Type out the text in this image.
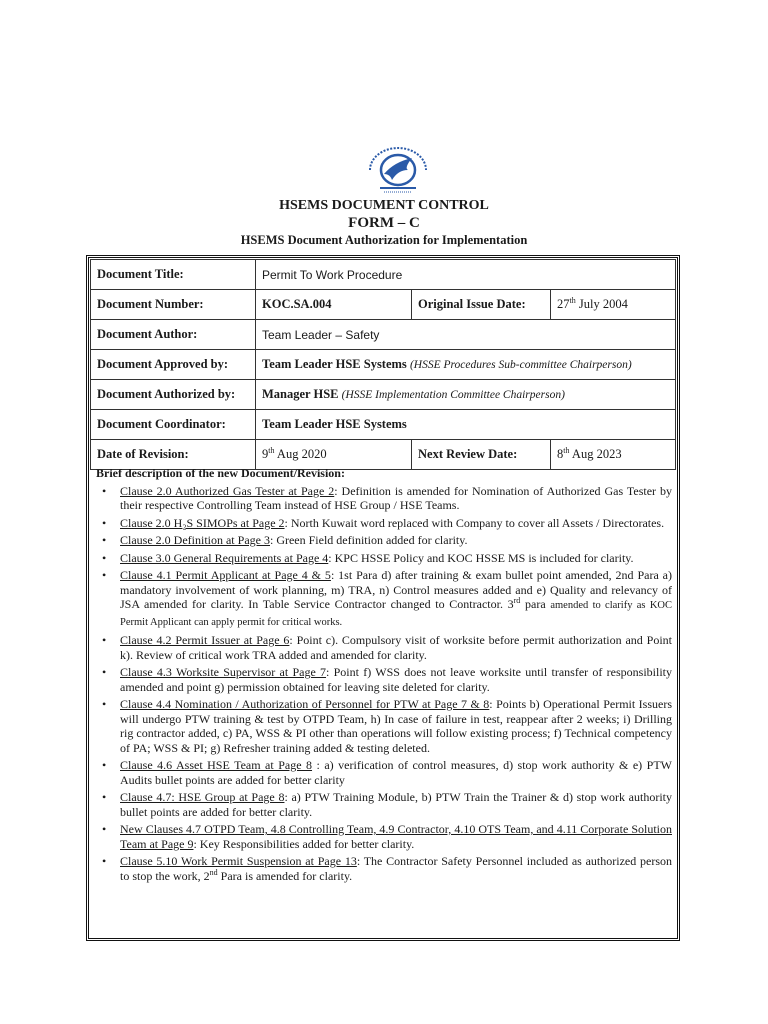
HSEMS DOCUMENT CONTROL
FORM – C
HSEMS Document Authorization for Implementation
Document Title:	Permit To Work Procedure		
Document Number:	KOC.SA.004	Original Issue Date:	27th July 2004
Document Author:	Team Leader – Safety		
Document Approved by:	Team Leader HSE Systems (HSSE Procedures Sub-committee Chairperson)		
Document Authorized by:	Manager HSE (HSSE Implementation Committee Chairperson)		
Document Coordinator:	Team Leader HSE Systems		
Date of Revision:	9th Aug 2020	Next Review Date:	8th Aug 2023
Brief description of the new Document/Revision:
• Clause 2.0 Authorized Gas Tester at Page 2: Definition is amended for Nomination of Authorized Gas Tester by their respective Controlling Team instead of HSE Group / HSE Teams.
• Clause 2.0 H₂S SIMOPs at Page 2: North Kuwait word replaced with Company to cover all Assets / Directorates.
• Clause 2.0 Definition at Page 3: Green Field definition added for clarity.
• Clause 3.0 General Requirements at Page 4: KPC HSSE Policy and KOC HSSE MS is included for clarity.
• Clause 4.1 Permit Applicant at Page 4 & 5: 1st Para d) after training & exam bullet point amended, 2nd Para a) mandatory involvement of work planning, m) TRA, n) Control measures added and e) Quality and relevancy of JSA amended for clarity. In Table Service Contractor changed to Contractor. 3rd para amended to clarify as KOC Permit Applicant can apply permit for critical works.
• Clause 4.2 Permit Issuer at Page 6: Point c). Compulsory visit of worksite before permit authorization and Point k). Review of critical work TRA added and amended for clarity.
• Clause 4.3 Worksite Supervisor at Page 7: Point f) WSS does not leave worksite until transfer of responsibility amended and point g) permission obtained for leaving site deleted for clarity.
• Clause 4.4 Nomination / Authorization of Personnel for PTW at Page 7 & 8: Points b) Operational Permit Issuers will undergo PTW training & test by OTPD Team, h) In case of failure in test, reappear after 2 weeks; i) Drilling rig contractor added, c) PA, WSS & PI other than operations will follow existing process; f) Technical competency of PA; WSS & PI; g) Refresher training added & testing deleted.
• Clause 4.6 Asset HSE Team at Page 8 : a) verification of control measures, d) stop work authority & e) PTW Audits bullet points are added for better clarity
• Clause 4.7: HSE Group at Page 8: a) PTW Training Module, b) PTW Train the Trainer & d) stop work authority bullet points are added for better clarity.
• New Clauses 4.7 OTPD Team, 4.8 Controlling Team, 4.9 Contractor, 4.10 OTS Team, and 4.11 Corporate Solution Team at Page 9: Key Responsibilities added for better clarity.
• Clause 5.10 Work Permit Suspension at Page 13: The Contractor Safety Personnel included as authorized person to stop the work, 2nd Para is amended for clarity.
